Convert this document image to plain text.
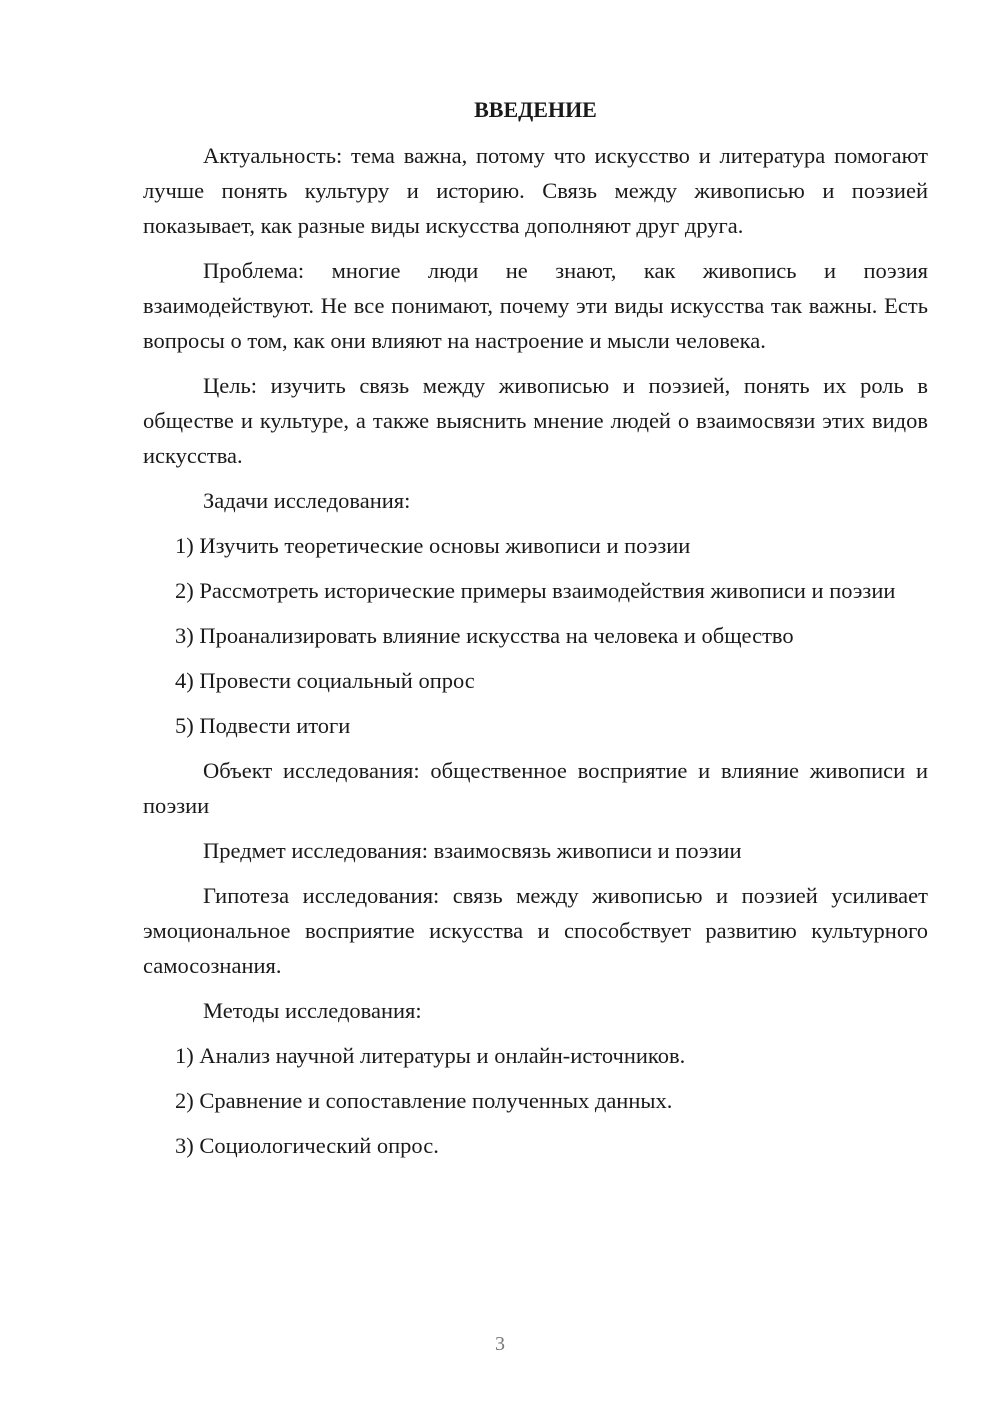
ВВЕДЕНИЕ

Актуальность: тема важна, потому что искусство и литература помогают лучше понять культуру и историю. Связь между живописью и поэзией показывает, как разные виды искусства дополняют друг друга.

Проблема: многие люди не знают, как живопись и поэзия взаимодействуют. Не все понимают, почему эти виды искусства так важны. Есть вопросы о том, как они влияют на настроение и мысли человека.

Цель: изучить связь между живописью и поэзией, понять их роль в обществе и культуре, а также выяснить мнение людей о взаимосвязи этих видов искусства.

Задачи исследования:

1) Изучить теоретические основы живописи и поэзии

2) Рассмотреть исторические примеры взаимодействия живописи и поэзии

3) Проанализировать влияние искусства на человека и общество

4) Провести социальный опрос

5) Подвести итоги

Объект исследования: общественное восприятие и влияние живописи и поэзии

Предмет исследования: взаимосвязь живописи и поэзии

Гипотеза исследования: связь между живописью и поэзией усиливает эмоциональное восприятие искусства и способствует развитию культурного самосознания.

Методы исследования:

1) Анализ научной литературы и онлайн-источников.

2) Сравнение и сопоставление полученных данных.

3) Социологический опрос.

3
